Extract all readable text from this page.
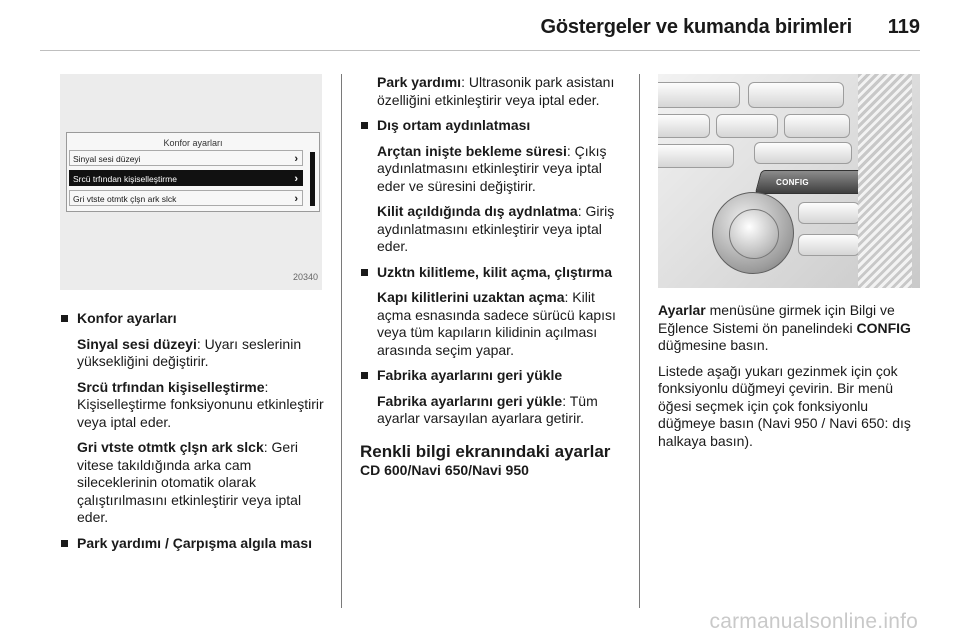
Göstergeler ve kumanda birimleri 119
Konfor ayarları
Sinyal sesi düzeyi	›
Srcü trfından kişiselleştirme	›
Gri vtste otmtk çlşn ark slck	›
20340

Konfor ayarları

Sinyal sesi düzeyi: Uyarı seslerinin yüksekliğini değiştirir.

Srcü trfından kişiselleştirme: Kişiselleştirme fonksiyonunu etkinleştirir veya iptal eder.

Gri vtste otmtk çlşn ark slck: Geri vitese takıldığında arka cam sileceklerinin otomatik olarak çalıştırılmasını etkinleştirir veya iptal eder.

Park yardımı / Çarpışma algıla ması

Park yardımı: Ultrasonik park asistanı özelliğini etkinleştirir veya iptal eder.

Dış ortam aydınlatması

Arçtan inişte bekleme süresi: Çıkış aydınlatmasını etkinleştirir veya iptal eder ve süresini değiştirir.

Kilit açıldığında dış aydnlatma: Giriş aydınlatmasını etkinleştirir veya iptal eder.

Uzktn kilitleme, kilit açma, çlıştırma

Kapı kilitlerini uzaktan açma: Kilit açma esnasında sadece sürücü kapısı veya tüm kapıların kilidinin açılması arasında seçim yapar.

Fabrika ayarlarını geri yükle

Fabrika ayarlarını geri yükle: Tüm ayarlar varsayılan ayarlara getirir.

Renkli bilgi ekranındaki ayarlar
CD 600/Navi 650/Navi 950
CONFIG

Ayarlar menüsüne girmek için Bilgi ve Eğlence Sistemi ön panelindeki CONFIG düğmesine basın.

Listede aşağı yukarı gezinmek için çok fonksiyonlu düğmeyi çevirin. Bir menü öğesi seçmek için çok fonksiyonlu düğmeye basın (Navi 950 / Navi 650: dış halkaya basın).

carmanualsonline.info
